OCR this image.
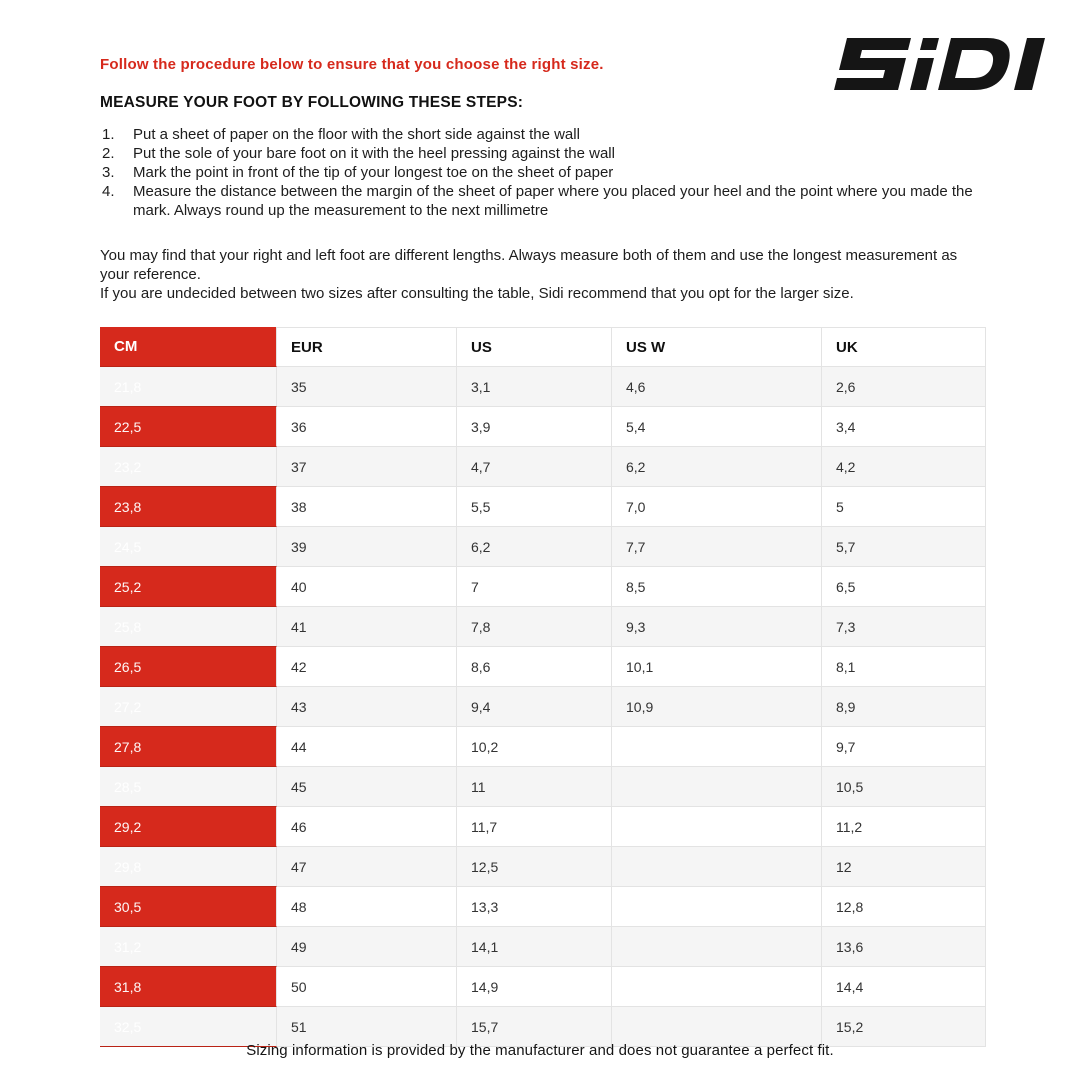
Follow the procedure below to ensure that you choose the right size.
MEASURE YOUR FOOT BY FOLLOWING THESE STEPS:
1.	Put a sheet of paper on the floor with the short side against the wall
2.	Put the sole of your bare foot on it with the heel pressing against the wall
3.	Mark the point in front of the tip of your longest toe on the sheet of paper
4.	Measure the distance between the margin of the sheet of paper where you placed your heel and the point where you made the mark. Always round up the measurement to the next millimetre

You may find that your right and left foot are different lengths. Always measure both of them and use the longest measurement as your reference.

If you are undecided between two sizes after consulting the table, Sidi recommend that you opt for the larger size.

CM	EUR	US	US W	UK
21,8	35	3,1	4,6	2,6
22,5	36	3,9	5,4	3,4
23,2	37	4,7	6,2	4,2
23,8	38	5,5	7,0	5
24,5	39	6,2	7,7	5,7
25,2	40	7	8,5	6,5
25,8	41	7,8	9,3	7,3
26,5	42	8,6	10,1	8,1
27,2	43	9,4	10,9	8,9
27,8	44	10,2		9,7
28,5	45	11		10,5
29,2	46	11,7		11,2
29,8	47	12,5		12
30,5	48	13,3		12,8
31,2	49	14,1		13,6
31,8	50	14,9		14,4
32,5	51	15,7		15,2
Sizing information is provided by the manufacturer and does not guarantee a perfect fit.
